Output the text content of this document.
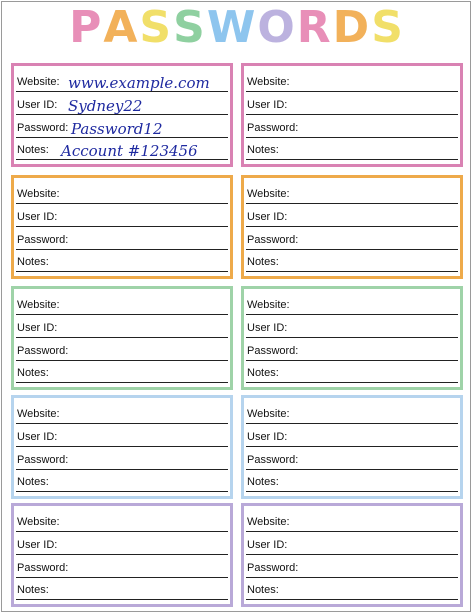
PASSWORDS
Website: www.example.com
User ID: Sydney22
Password: Password12
Notes: Account #123456
Website:
User ID:
Password:
Notes:
Website:
User ID:
Password:
Notes:
Website:
User ID:
Password:
Notes:
Website:
User ID:
Password:
Notes:
Website:
User ID:
Password:
Notes:
Website:
User ID:
Password:
Notes:
Website:
User ID:
Password:
Notes:
Website:
User ID:
Password:
Notes:
Website:
User ID:
Password:
Notes:
